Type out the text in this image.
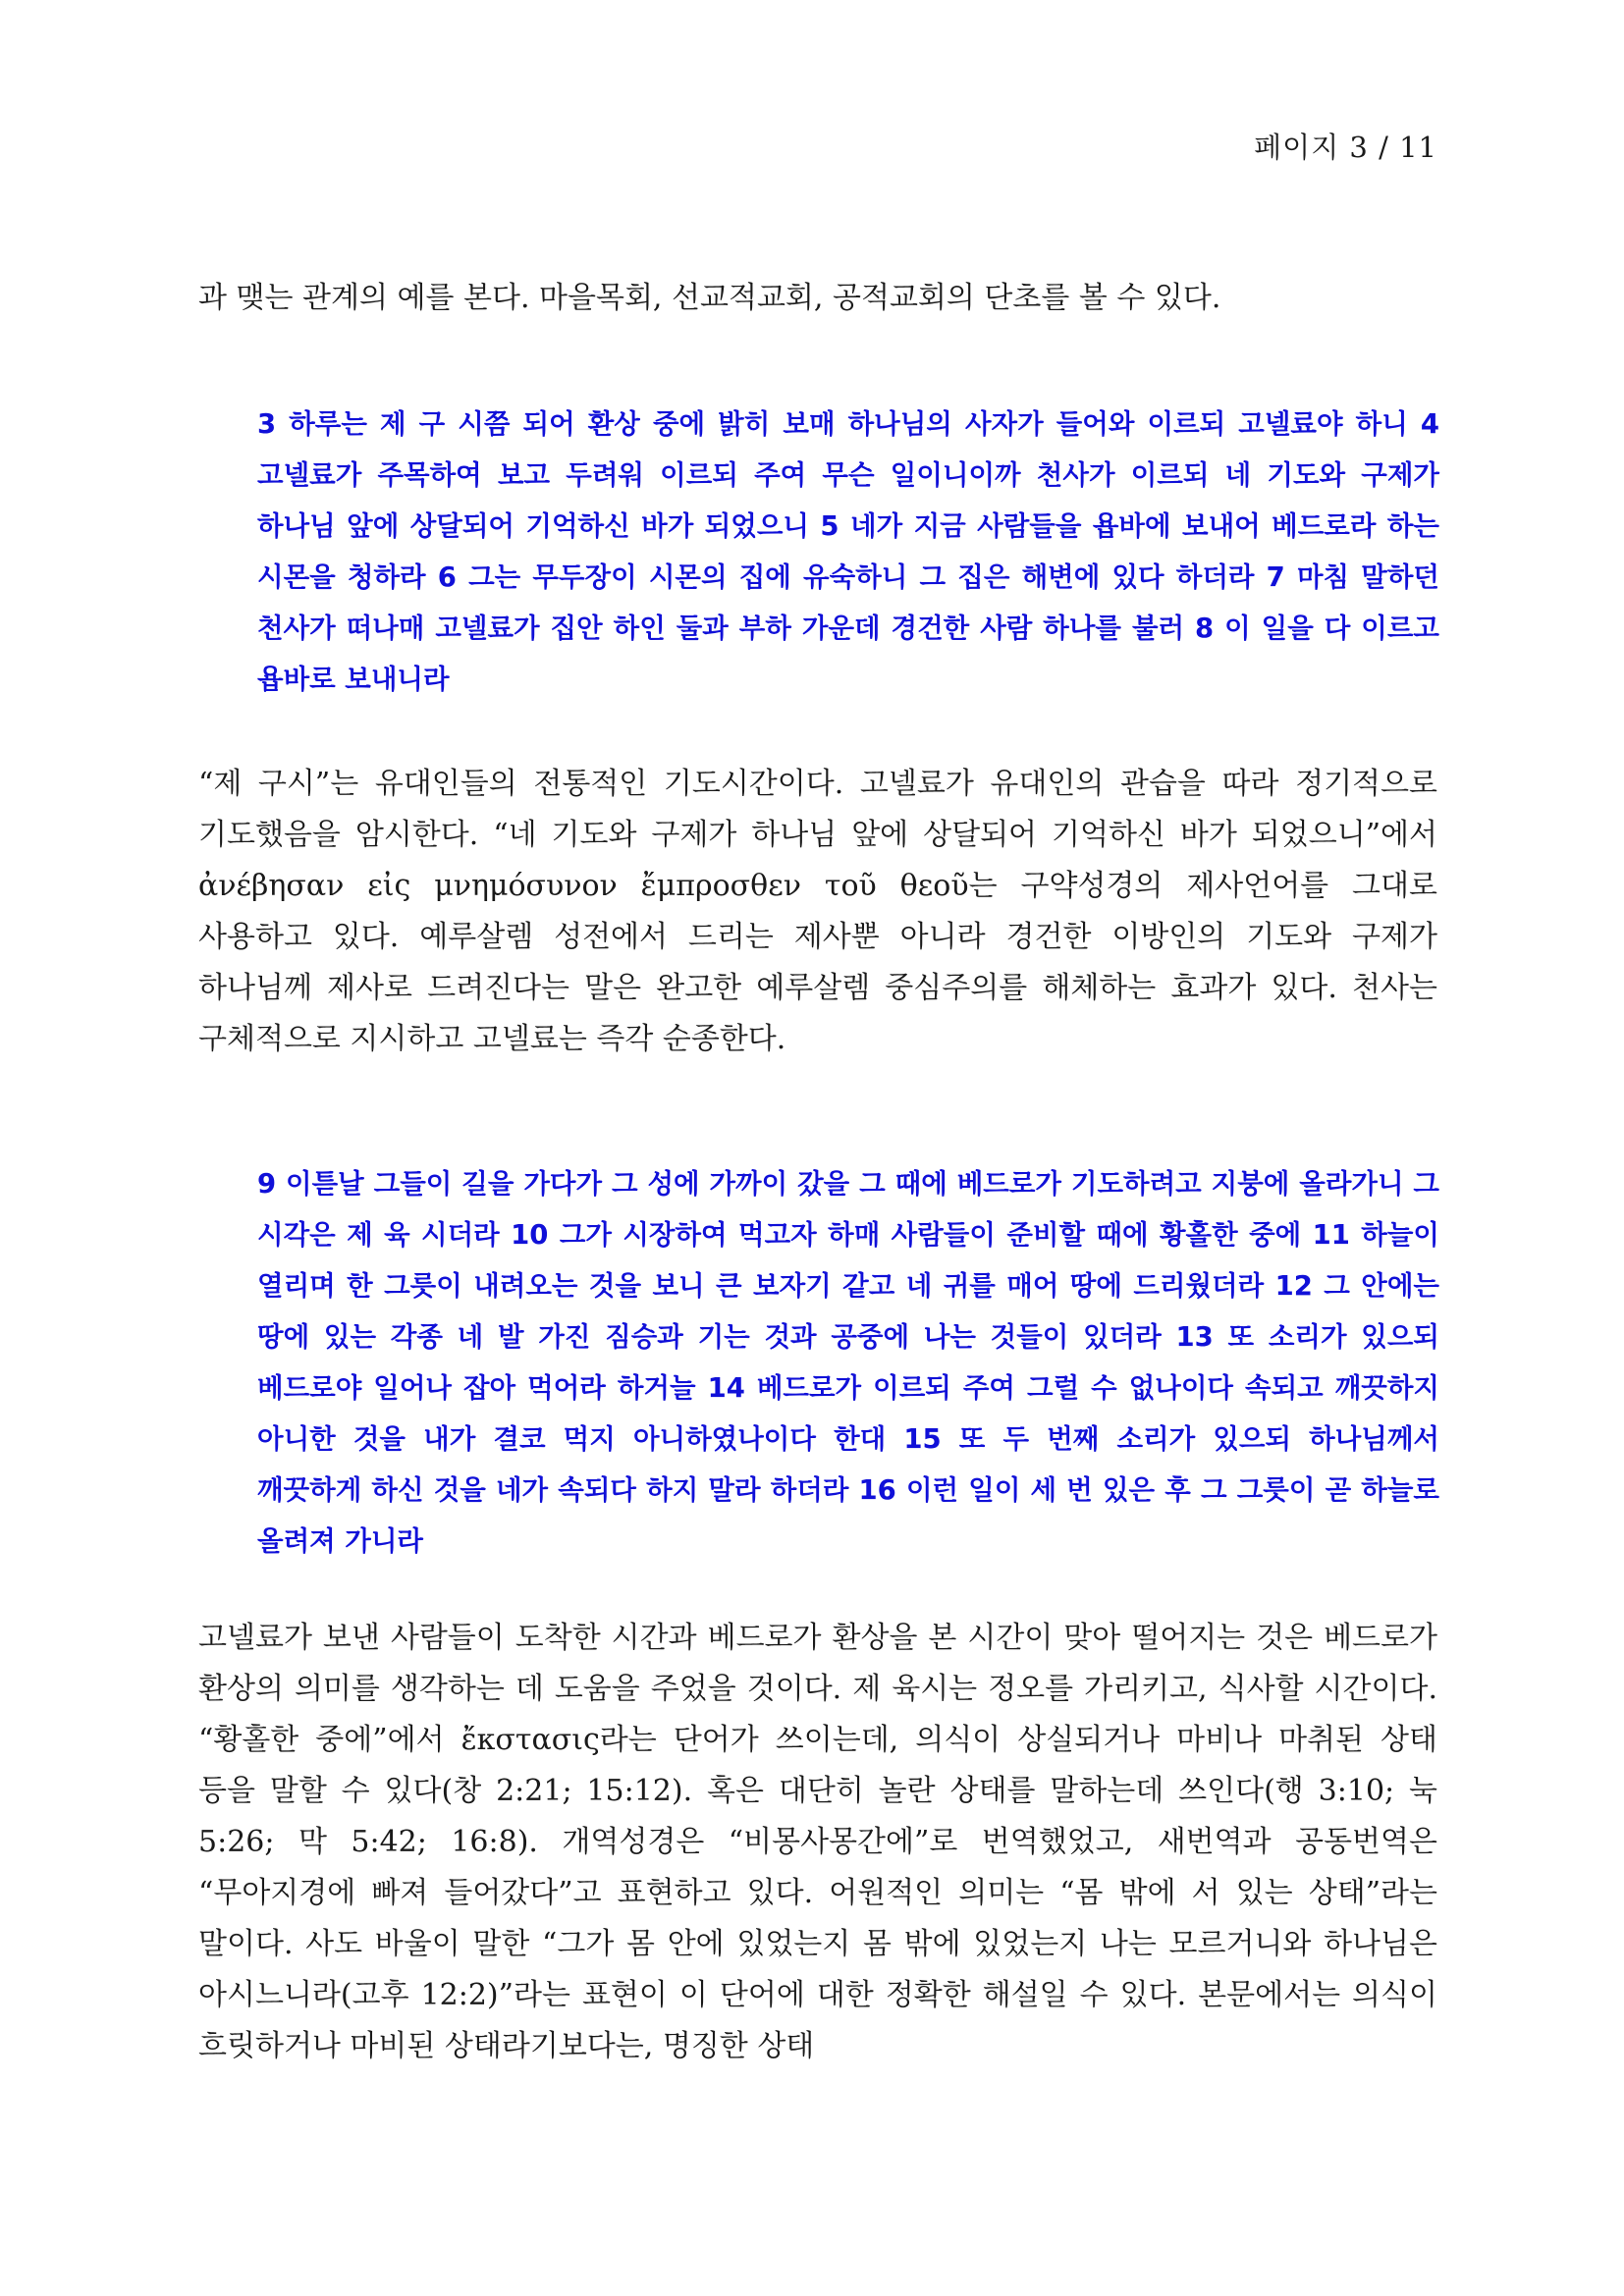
페이지 3 / 11

과 맺는 관계의 예를 본다. 마을목회, 선교적교회, 공적교회의 단초를 볼 수 있다.

3 하루는 제 구 시쯤 되어 환상 중에 밝히 보매 하나님의 사자가 들어와 이르되 고넬료야 하니 4 고넬료가 주목하여 보고 두려워 이르되 주여 무슨 일이니이까 천사가 이르되 네 기도와 구제가 하나님 앞에 상달되어 기억하신 바가 되었으니 5 네가 지금 사람들을 욥바에 보내어 베드로라 하는 시몬을 청하라 6 그는 무두장이 시몬의 집에 유숙하니 그 집은 해변에 있다 하더라 7 마침 말하던 천사가 떠나매 고넬료가 집안 하인 둘과 부하 가운데 경건한 사람 하나를 불러 8 이 일을 다 이르고 욥바로 보내니라

“제 구시”는 유대인들의 전통적인 기도시간이다. 고넬료가 유대인의 관습을 따라 정기적으로 기도했음을 암시한다. “네 기도와 구제가 하나님 앞에 상달되어 기억하신 바가 되었으니”에서 ἀνέβησαν εἰς μνημόσυνον ἔμπροσθεν τοῦ θεοῦ는 구약성경의 제사언어를 그대로 사용하고 있다. 예루살렘 성전에서 드리는 제사뿐 아니라 경건한 이방인의 기도와 구제가 하나님께 제사로 드려진다는 말은 완고한 예루살렘 중심주의를 해체하는 효과가 있다. 천사는 구체적으로 지시하고 고넬료는 즉각 순종한다.

9 이튿날 그들이 길을 가다가 그 성에 가까이 갔을 그 때에 베드로가 기도하려고 지붕에 올라가니 그 시각은 제 육 시더라 10 그가 시장하여 먹고자 하매 사람들이 준비할 때에 황홀한 중에 11 하늘이 열리며 한 그릇이 내려오는 것을 보니 큰 보자기 같고 네 귀를 매어 땅에 드리웠더라 12 그 안에는 땅에 있는 각종 네 발 가진 짐승과 기는 것과 공중에 나는 것들이 있더라 13 또 소리가 있으되 베드로야 일어나 잡아 먹어라 하거늘 14 베드로가 이르되 주여 그럴 수 없나이다 속되고 깨끗하지 아니한 것을 내가 결코 먹지 아니하였나이다 한대 15 또 두 번째 소리가 있으되 하나님께서 깨끗하게 하신 것을 네가 속되다 하지 말라 하더라 16 이런 일이 세 번 있은 후 그 그릇이 곧 하늘로 올려져 가니라

고넬료가 보낸 사람들이 도착한 시간과 베드로가 환상을 본 시간이 맞아 떨어지는 것은 베드로가 환상의 의미를 생각하는 데 도움을 주었을 것이다. 제 육시는 정오를 가리키고, 식사할 시간이다. “황홀한 중에”에서 ἔκστασις라는 단어가 쓰이는데, 의식이 상실되거나 마비나 마취된 상태 등을 말할 수 있다(창 2:21; 15:12). 혹은 대단히 놀란 상태를 말하는데 쓰인다(행 3:10; 눅 5:26; 막 5:42; 16:8). 개역성경은 “비몽사몽간에”로 번역했었고, 새번역과 공동번역은 “무아지경에 빠져 들어갔다”고 표현하고 있다. 어원적인 의미는 “몸 밖에 서 있는 상태”라는 말이다. 사도 바울이 말한 “그가 몸 안에 있었는지 몸 밖에 있었는지 나는 모르거니와 하나님은 아시느니라(고후 12:2)”라는 표현이 이 단어에 대한 정확한 해설일 수 있다. 본문에서는 의식이 흐릿하거나 마비된 상태라기보다는, 명징한 상태
